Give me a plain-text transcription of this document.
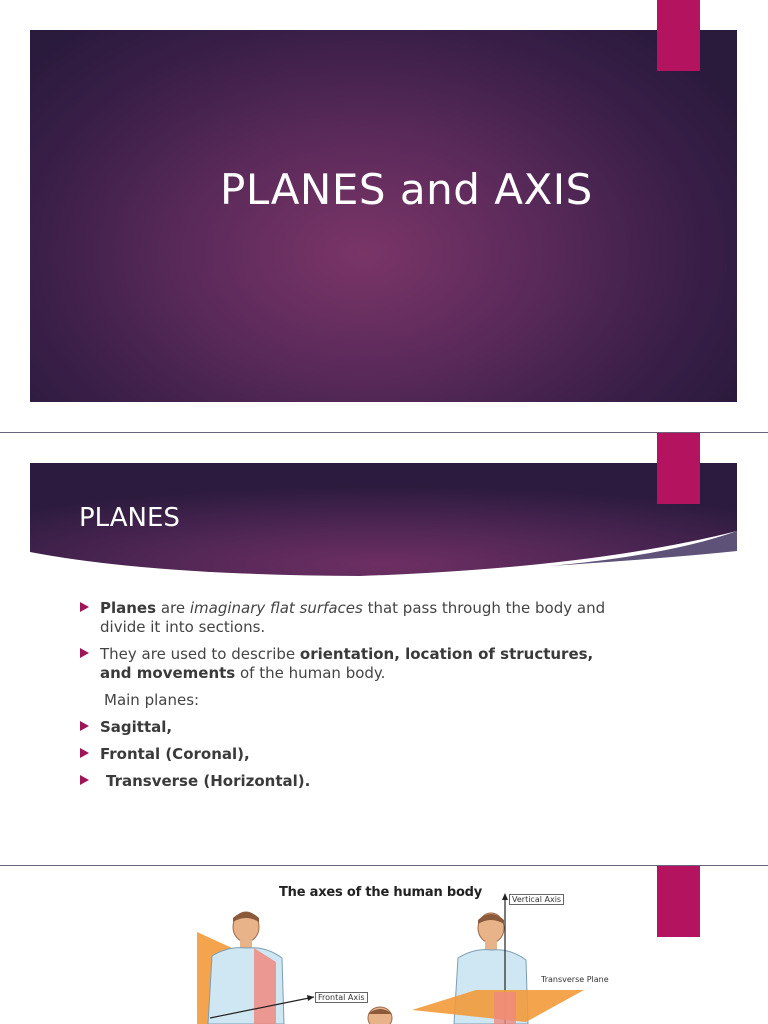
PLANES and AXIS
PLANES
Planes are imaginary flat surfaces that pass through the body and divide it into sections.
They are used to describe orientation, location of structures, and movements of the human body.
Main planes:
Sagittal,
Frontal (Coronal),
Transverse (Horizontal).
The axes of the human body	Vertical Axis
Frontal Axis
Transverse Plane
